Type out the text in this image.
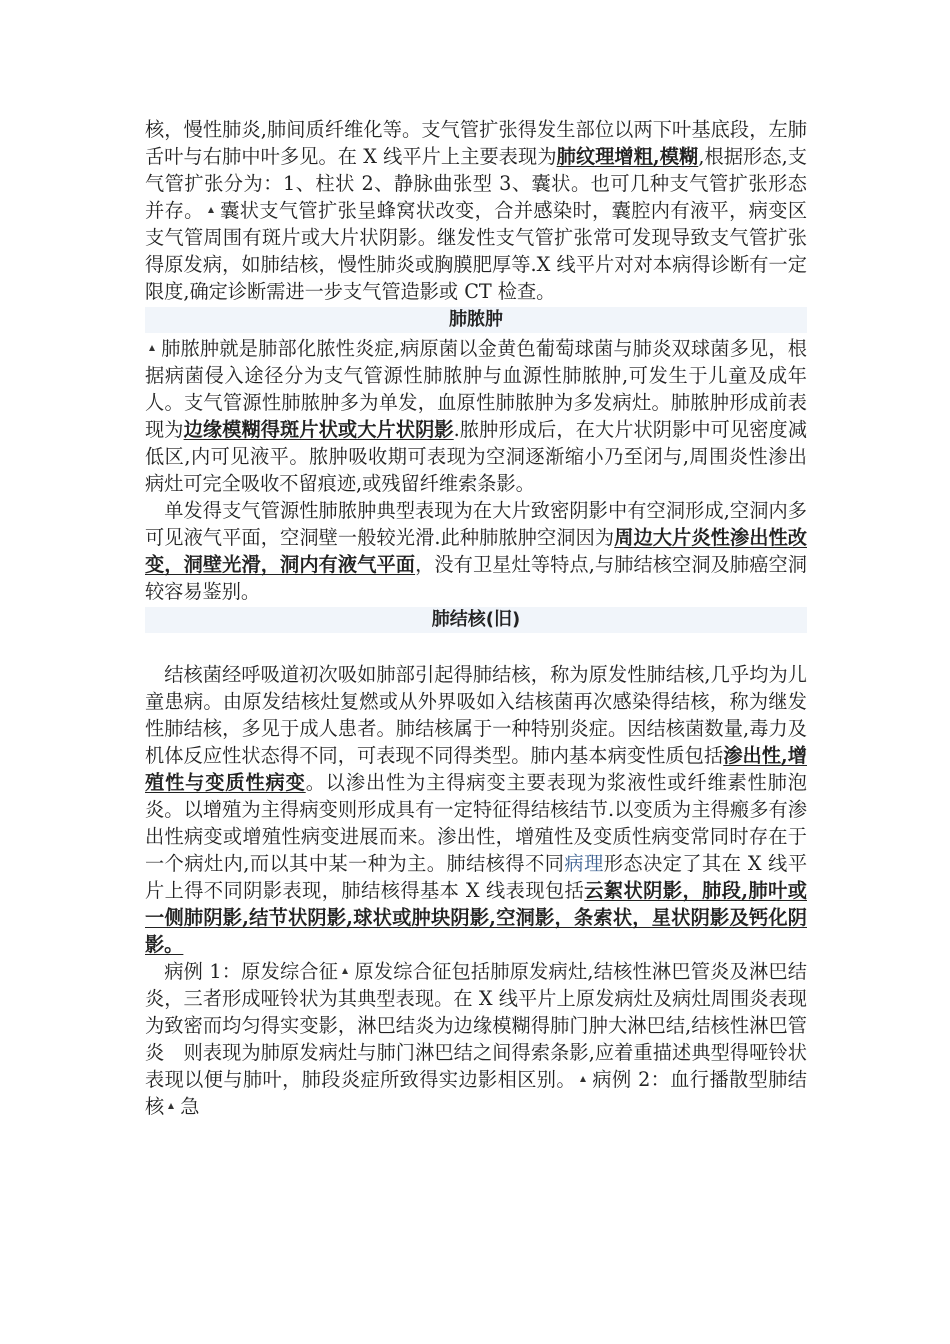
核，慢性肺炎,肺间质纤维化等。支气管扩张得发生部位以两下叶基底段，左肺舌叶与右肺中叶多见。在 X 线平片上主要表现为肺纹理增粗,模糊,根据形态,支气管扩张分为：1、柱状 2、静脉曲张型 3、囊状。也可几种支气管扩张形态并存。 囊状支气管扩张呈蜂窝状改变，合并感染时，囊腔内有液平，病变区支气管周围有斑片或大片状阴影。继发性支气管扩张常可发现导致支气管扩张得原发病，如肺结核，慢性肺炎或胸膜肥厚等.X 线平片对对本病得诊断有一定限度,确定诊断需进一步支气管造影或 CT 检查。

肺脓肿

肺脓肿就是肺部化脓性炎症,病原菌以金黄色葡萄球菌与肺炎双球菌多见，根据病菌侵入途径分为支气管源性肺脓肿与血源性肺脓肿,可发生于儿童及成年人。支气管源性肺脓肿多为单发，血原性肺脓肿为多发病灶。肺脓肿形成前表现为边缘模糊得斑片状或大片状阴影.脓肿形成后，在大片状阴影中可见密度减低区,内可见液平。脓肿吸收期可表现为空洞逐渐缩小乃至闭与,周围炎性渗出病灶可完全吸收不留痕迹,或残留纤维索条影。

单发得支气管源性肺脓肿典型表现为在大片致密阴影中有空洞形成,空洞内多可见液气平面，空洞壁一般较光滑.此种肺脓肿空洞因为周边大片炎性渗出性改变，洞壁光滑，洞内有液气平面，没有卫星灶等特点,与肺结核空洞及肺癌空洞较容易鉴别。

肺结核(旧)

结核菌经呼吸道初次吸如肺部引起得肺结核，称为原发性肺结核,几乎均为儿童患病。由原发结核灶复燃或从外界吸如入结核菌再次感染得结核，称为继发性肺结核，多见于成人患者。肺结核属于一种特别炎症。因结核菌数量,毒力及机体反应性状态得不同，可表现不同得类型。肺内基本病变性质包括渗出性,增殖性与变质性病变。以渗出性为主得病变主要表现为浆液性或纤维素性肺泡炎。以增殖为主得病变则形成具有一定特征得结核结节.以变质为主得瘢多有渗出性病变或增殖性病变进展而来。渗出性，增殖性及变质性病变常同时存在于一个病灶内,而以其中某一种为主。肺结核得不同病理形态决定了其在 X 线平片上得不同阴影表现，肺结核得基本 X 线表现包括云絮状阴影，肺段,肺叶或一侧肺阴影,结节状阴影,球状或肿块阴影,空洞影，条索状，星状阴影及钙化阴影。

病例 1：原发综合征 原发综合征包括肺原发病灶,结核性淋巴管炎及淋巴结炎，三者形成哑铃状为其典型表现。在 X 线平片上原发病灶及病灶周围炎表现为致密而均匀得实变影，淋巴结炎为边缘模糊得肺门肿大淋巴结,结核性淋巴管炎　则表现为肺原发病灶与肺门淋巴结之间得索条影,应着重描述典型得哑铃状表现以便与肺叶，肺段炎症所致得实边影相区别。 病例 2：血行播散型肺结核 急
